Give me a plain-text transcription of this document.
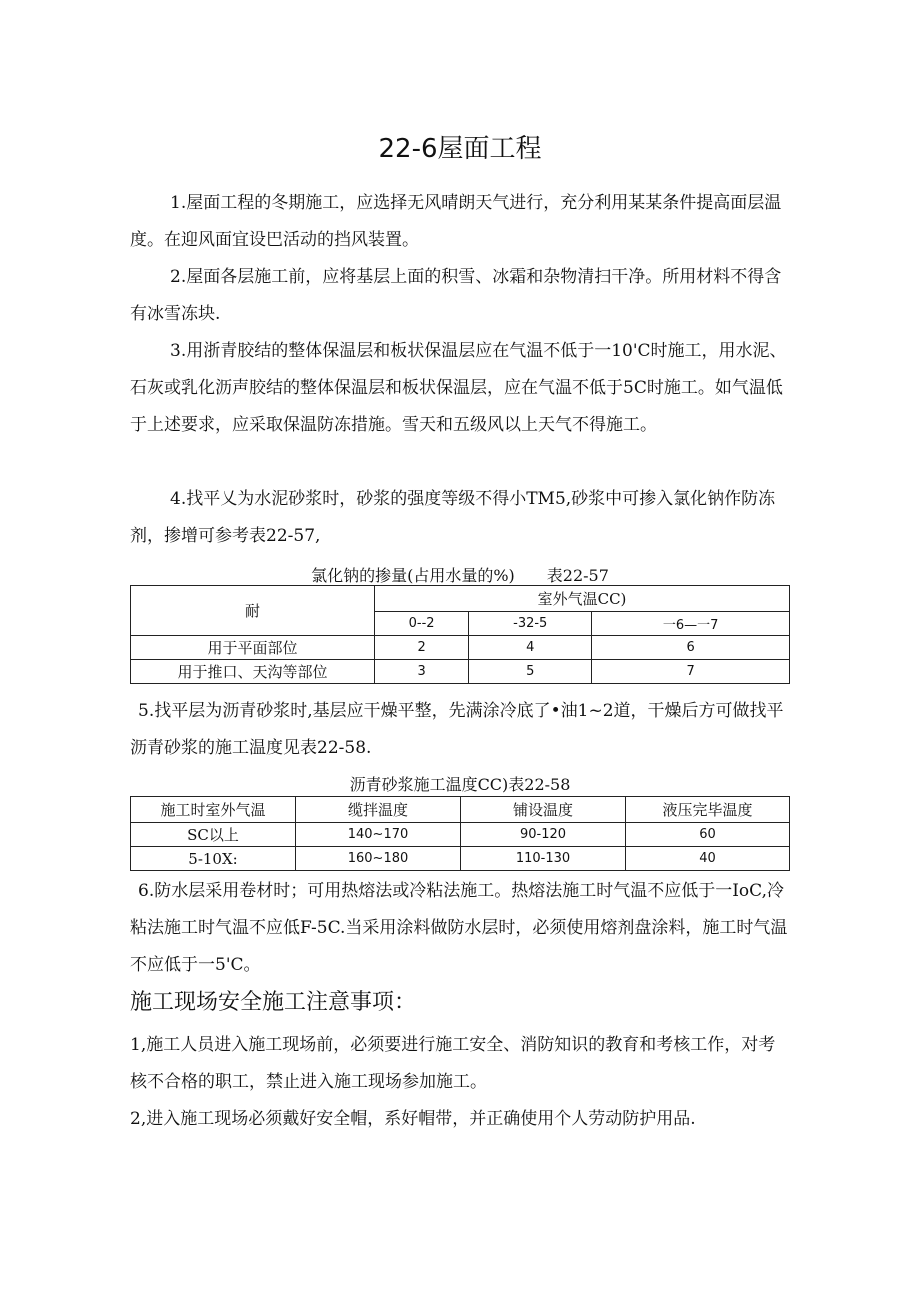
22-6屋面工程

1.屋面工程的冬期施工，应选择无风晴朗天气进行，充分利用某某条件提高面层温度。在迎风面宜设巴活动的挡风装置。

2.屋面各层施工前，应将基层上面的积雪、冰霜和杂物清扫干净。所用材料不得含有冰雪冻块.

3.用浙青胶结的整体保温层和板状保温层应在气温不低于一10'C时施工，用水泥、石灰或乳化沥声胶结的整体保温层和板状保温层，应在气温不低于5C时施工。如气温低于上述要求，应采取保温防冻措施。雪天和五级风以上天气不得施工。

4.找平乂为水泥砂浆时，砂浆的强度等级不得小TM5,砂浆中可掺入氯化钠作防冻剂，掺增可参考表22-57,

氯化钠的掺量(占用水量的%)　　表22-57
耐	室外气温CC)		
	0--2	-32-5	一6—一7
用于平面部位	2	4	6
用于推口、天沟等部位	3	5	7

5.找平层为沥青砂浆时,基层应干燥平整，先满涂冷底了•油1~2道，干燥后方可做找平沥青砂浆的施工温度见表22-58.

沥青砂浆施工温度CC)表22-58
施工时室外气温	缆拌温度	铺设温度	液压完毕温度
SC以上	140~170	90-120	60
5-10X:	160~180	110-130	40

6.防水层采用卷材时；可用热熔法或冷粘法施工。热熔法施工时气温不应低于一IoC,冷粘法施工时气温不应低F-5C.当采用涂料做防水层时，必须使用熔剂盘涂料，施工时气温不应低于一5'C。

施工现场安全施工注意事项：

1,施工人员进入施工现场前，必须要进行施工安全、消防知识的教育和考核工作，对考核不合格的职工，禁止进入施工现场参加施工。

2,进入施工现场必须戴好安全帽，系好帽带，并正确使用个人劳动防护用品.
